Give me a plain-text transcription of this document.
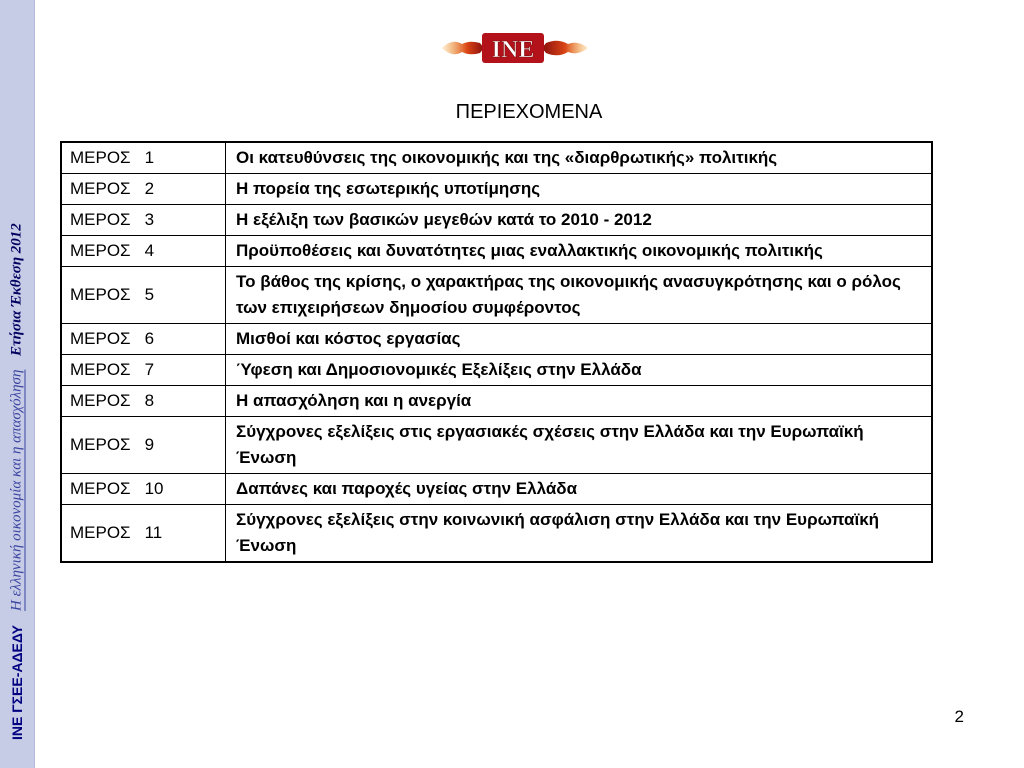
ΙΝΕ ΓΣΕΕ-ΑΔΕΔΥ
Η ελληνική οικονομία και η απασχόληση
Ετήσια Έκθεση 2012
INE
ΠΕΡΙΕΧΟΜΕΝΑ
ΜΕΡΟΣ 1	Οι κατευθύνσεις της οικονομικής και της «διαρθρωτικής» πολιτικής
ΜΕΡΟΣ 2	Η πορεία της εσωτερικής υποτίμησης
ΜΕΡΟΣ 3	Η εξέλιξη των βασικών μεγεθών κατά το 2010 - 2012
ΜΕΡΟΣ 4	Προϋποθέσεις και δυνατότητες μιας εναλλακτικής οικονομικής πολιτικής
ΜΕΡΟΣ 5	Το βάθος της κρίσης, ο χαρακτήρας της οικονομικής ανασυγκρότησης και ο ρόλος των επιχειρήσεων δημοσίου συμφέροντος
ΜΕΡΟΣ 6	Μισθοί και κόστος εργασίας
ΜΕΡΟΣ 7	Ύφεση και Δημοσιονομικές Εξελίξεις στην Ελλάδα
ΜΕΡΟΣ 8	Η απασχόληση και η ανεργία
ΜΕΡΟΣ 9	Σύγχρονες εξελίξεις στις εργασιακές σχέσεις στην Ελλάδα και την Ευρωπαϊκή Ένωση
ΜΕΡΟΣ 10	Δαπάνες και παροχές υγείας στην Ελλάδα
ΜΕΡΟΣ 11	Σύγχρονες εξελίξεις στην κοινωνική ασφάλιση στην Ελλάδα και την Ευρωπαϊκή Ένωση
2
